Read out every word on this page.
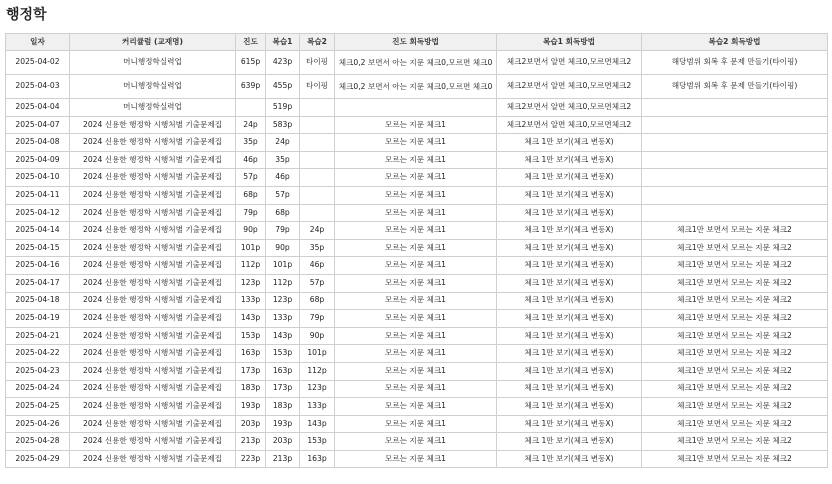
행정학
일자	커리큘럼 (교재명)	진도	복습1	복습2	진도 회독방법	복습1 회독방법	복습2 회독방법
2025-04-02	머니행정학실력업	615p	423p	타이핑	체크0,2 보면서 아는 지문 체크0,모르면 체크0	체크2보면서 알면 체크0,모르면체크2	해당범위 회복 후 문제 만들기(타이핑)
2025-04-03	머니행정학실력업	639p	455p	타이핑	체크0,2 보면서 아는 지문 체크0,모르면 체크0	체크2보면서 알면 체크0,모르면체크2	해당범위 회복 후 문제 만들기(타이핑)
2025-04-04	머니행정학실력업		519p			체크2보면서 알면 체크0,모르면체크2	
2025-04-07	2024 신용한 행정학 시행처별 기출문제집	24p	583p		모르는 지문 체크1	체크2보면서 알면 체크0,모르면체크2	
2025-04-08	2024 신용한 행정학 시행처별 기출문제집	35p	24p		모르는 지문 체크1	체크 1만 보기(체크 변동X)	
2025-04-09	2024 신용한 행정학 시행처별 기출문제집	46p	35p		모르는 지문 체크1	체크 1만 보기(체크 변동X)	
2025-04-10	2024 신용한 행정학 시행처별 기출문제집	57p	46p		모르는 지문 체크1	체크 1만 보기(체크 변동X)	
2025-04-11	2024 신용한 행정학 시행처별 기출문제집	68p	57p		모르는 지문 체크1	체크 1만 보기(체크 변동X)	
2025-04-12	2024 신용한 행정학 시행처별 기출문제집	79p	68p		모르는 지문 체크1	체크 1만 보기(체크 변동X)	
2025-04-14	2024 신용한 행정학 시행처별 기출문제집	90p	79p	24p	모르는 지문 체크1	체크 1만 보기(체크 변동X)	체크1만 보면서 모르는 지문 체크2
2025-04-15	2024 신용한 행정학 시행처별 기출문제집	101p	90p	35p	모르는 지문 체크1	체크 1만 보기(체크 변동X)	체크1만 보면서 모르는 지문 체크2
2025-04-16	2024 신용한 행정학 시행처별 기출문제집	112p	101p	46p	모르는 지문 체크1	체크 1만 보기(체크 변동X)	체크1만 보면서 모르는 지문 체크2
2025-04-17	2024 신용한 행정학 시행처별 기출문제집	123p	112p	57p	모르는 지문 체크1	체크 1만 보기(체크 변동X)	체크1만 보면서 모르는 지문 체크2
2025-04-18	2024 신용한 행정학 시행처별 기출문제집	133p	123p	68p	모르는 지문 체크1	체크 1만 보기(체크 변동X)	체크1만 보면서 모르는 지문 체크2
2025-04-19	2024 신용한 행정학 시행처별 기출문제집	143p	133p	79p	모르는 지문 체크1	체크 1만 보기(체크 변동X)	체크1만 보면서 모르는 지문 체크2
2025-04-21	2024 신용한 행정학 시행처별 기출문제집	153p	143p	90p	모르는 지문 체크1	체크 1만 보기(체크 변동X)	체크1만 보면서 모르는 지문 체크2
2025-04-22	2024 신용한 행정학 시행처별 기출문제집	163p	153p	101p	모르는 지문 체크1	체크 1만 보기(체크 변동X)	체크1만 보면서 모르는 지문 체크2
2025-04-23	2024 신용한 행정학 시행처별 기출문제집	173p	163p	112p	모르는 지문 체크1	체크 1만 보기(체크 변동X)	체크1만 보면서 모르는 지문 체크2
2025-04-24	2024 신용한 행정학 시행처별 기출문제집	183p	173p	123p	모르는 지문 체크1	체크 1만 보기(체크 변동X)	체크1만 보면서 모르는 지문 체크2
2025-04-25	2024 신용한 행정학 시행처별 기출문제집	193p	183p	133p	모르는 지문 체크1	체크 1만 보기(체크 변동X)	체크1만 보면서 모르는 지문 체크2
2025-04-26	2024 신용한 행정학 시행처별 기출문제집	203p	193p	143p	모르는 지문 체크1	체크 1만 보기(체크 변동X)	체크1만 보면서 모르는 지문 체크2
2025-04-28	2024 신용한 행정학 시행처별 기출문제집	213p	203p	153p	모르는 지문 체크1	체크 1만 보기(체크 변동X)	체크1만 보면서 모르는 지문 체크2
2025-04-29	2024 신용한 행정학 시행처별 기출문제집	223p	213p	163p	모르는 지문 체크1	체크 1만 보기(체크 변동X)	체크1만 보면서 모르는 지문 체크2
